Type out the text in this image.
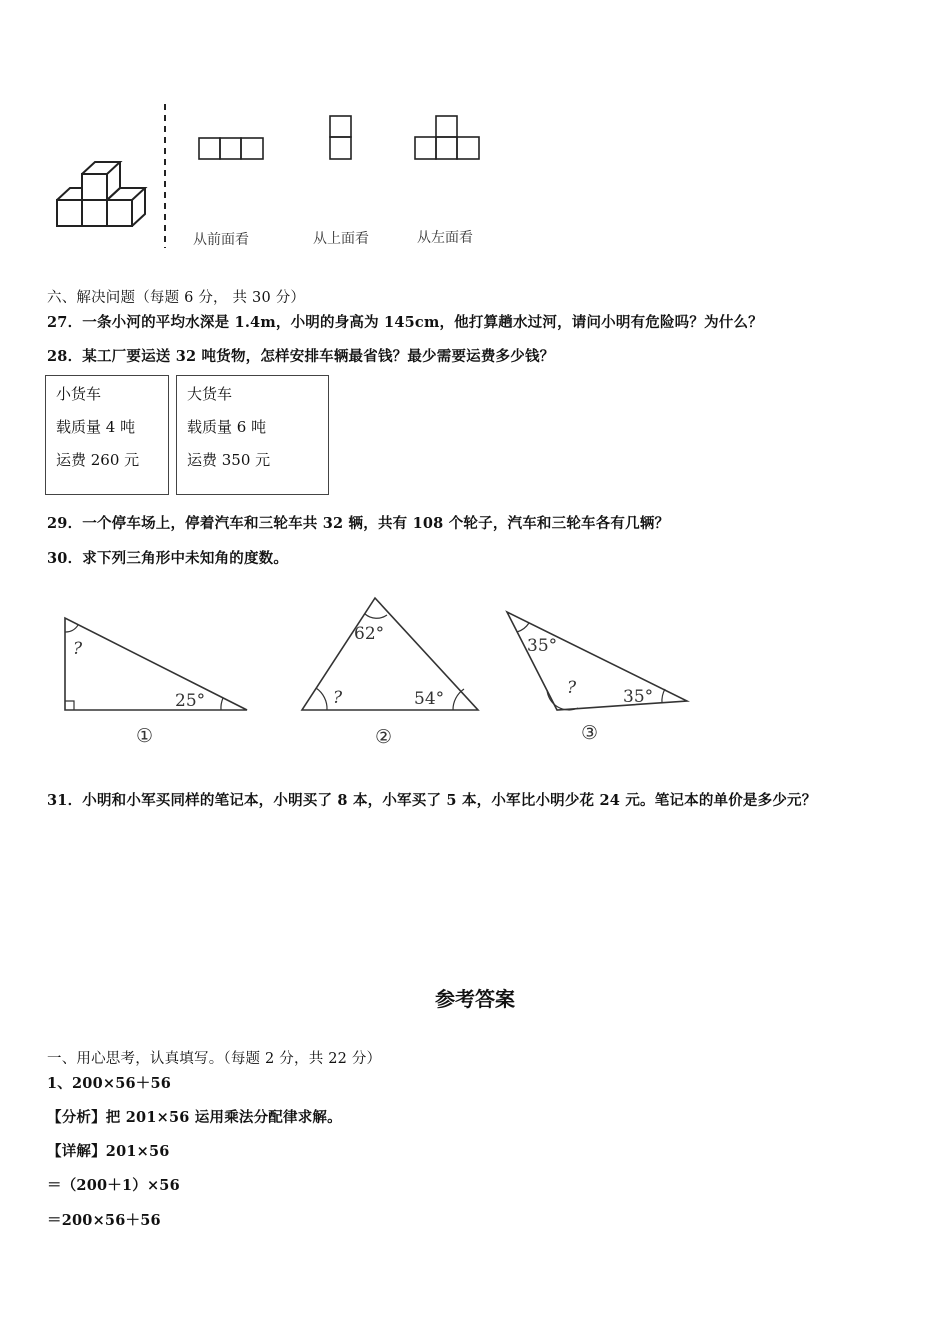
从前面看	从上面看	从左面看
六、解决问题（每题 6 分， 共 30 分）
27．一条小河的平均水深是 1.4m，小明的身高为 145cm，他打算趟水过河，请问小明有危险吗？为什么？
28．某工厂要运送 32 吨货物，怎样安排车辆最省钱？最少需要运费多少钱？
小货车
载质量 4 吨
运费 260 元
大货车
载质量 6 吨
运费 350 元
29．一个停车场上，停着汽车和三轮车共 32 辆，共有 108 个轮子，汽车和三轮车各有几辆？
30．求下列三角形中未知角的度数。
?
25°
①
62°
?	54°
②
35°
?	35°
③
31．小明和小军买同样的笔记本，小明买了 8 本，小军买了 5 本，小军比小明少花 24 元。笔记本的单价是多少元？
参考答案
一、用心思考，认真填写。（每题 2 分，共 22 分）
1、200×56＋56
【分析】把 201×56 运用乘法分配律求解。
【详解】201×56
＝（200＋1）×56
＝200×56＋56
